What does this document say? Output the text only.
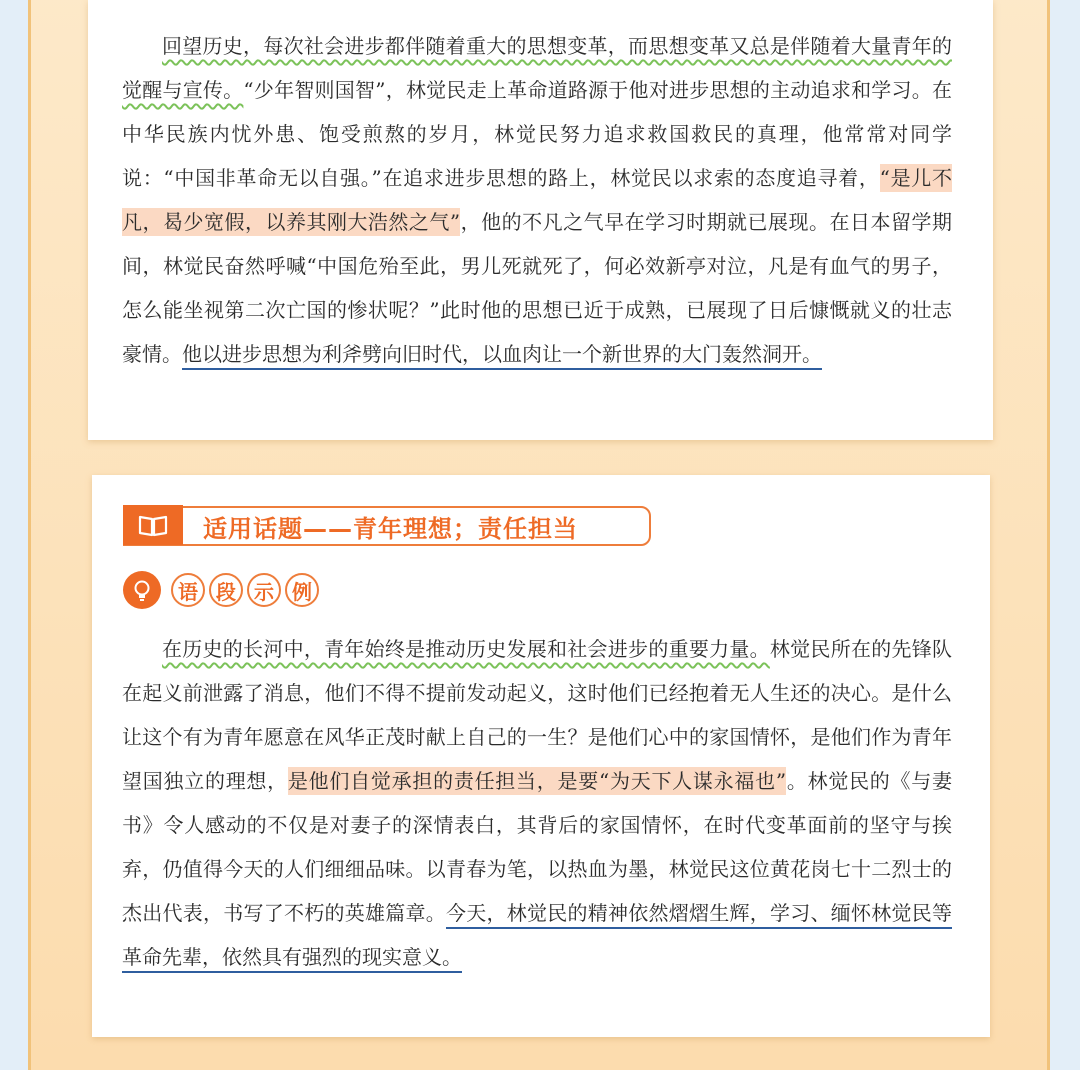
回望历史，每次社会进步都伴随着重大的思想变革，而思想变革又总是伴随着大量青年的觉醒与宣传。“少年智则国智”，林觉民走上革命道路源于他对进步思想的主动追求和学习。在中华民族内忧外患、饱受煎熬的岁月，林觉民努力追求救国救民的真理，他常常对同学说：“中国非革命无以自强。”在追求进步思想的路上，林觉民以求索的态度追寻着，“是儿不凡，曷少宽假，以养其刚大浩然之气”，他的不凡之气早在学习时期就已展现。在日本留学期间，林觉民奋然呼喊“中国危殆至此，男儿死就死了，何必效新亭对泣，凡是有血气的男子，怎么能坐视第二次亡国的惨状呢？”此时他的思想已近于成熟，已展现了日后慷慨就义的壮志豪情。他以进步思想为利斧劈向旧时代，以血肉让一个新世界的大门轰然洞开。

适用话题——青年理想；责任担当
语 段 示 例

在历史的长河中，青年始终是推动历史发展和社会进步的重要力量。林觉民所在的先锋队在起义前泄露了消息，他们不得不提前发动起义，这时他们已经抱着无人生还的决心。是什么让这个有为青年愿意在风华正茂时献上自己的一生？是他们心中的家国情怀，是他们作为青年望国独立的理想，是他们自觉承担的责任担当，是要“为天下人谋永福也”。林觉民的《与妻书》令人感动的不仅是对妻子的深情表白，其背后的家国情怀，在时代变革面前的坚守与挨弃，仍值得今天的人们细细品味。以青春为笔，以热血为墨，林觉民这位黄花岗七十二烈士的杰出代表，书写了不朽的英雄篇章。今天，林觉民的精神依然熠熠生辉，学习、缅怀林觉民等革命先辈，依然具有强烈的现实意义。
